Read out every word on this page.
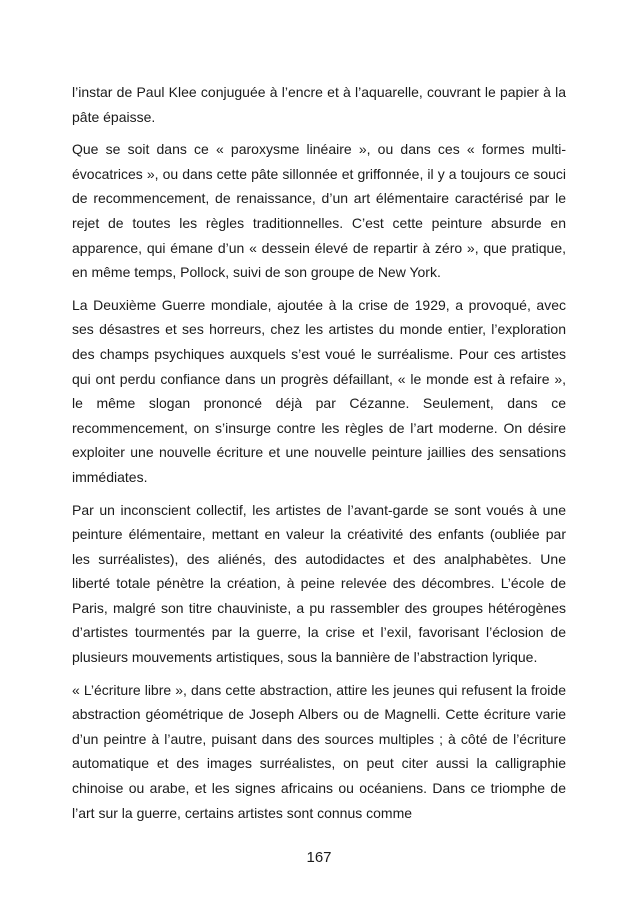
l’instar de Paul Klee conjuguée à l’encre et à l’aquarelle, couvrant le papier à la pâte épaisse.

Que se soit dans ce « paroxysme linéaire », ou dans ces « formes multi-évocatrices », ou dans cette pâte sillonnée et griffonnée, il y a toujours ce souci de recommencement, de renaissance, d’un art élémentaire caractérisé par le rejet de toutes les règles traditionnelles. C’est cette peinture absurde en apparence, qui émane d’un « dessein élevé de repartir à zéro », que pratique, en même temps, Pollock, suivi de son groupe de New York.

La Deuxième Guerre mondiale, ajoutée à la crise de 1929, a provoqué, avec ses désastres et ses horreurs, chez les artistes du monde entier, l’exploration des champs psychiques auxquels s’est voué le surréalisme. Pour ces artistes qui ont perdu confiance dans un progrès défaillant, « le monde est à refaire », le même slogan prononcé déjà par Cézanne. Seulement, dans ce recommencement, on s’insurge contre les règles de l’art moderne. On désire exploiter une nouvelle écriture et une nouvelle peinture jaillies des sensations immédiates.

Par un inconscient collectif, les artistes de l’avant-garde se sont voués à une peinture élémentaire, mettant en valeur la créativité des enfants (oubliée par les surréalistes), des aliénés, des autodidactes et des analphabètes. Une liberté totale pénètre la création, à peine relevée des décombres. L’école de Paris, malgré son titre chauviniste, a pu rassembler des groupes hétérogènes d’artistes tourmentés par la guerre, la crise et l’exil, favorisant l’éclosion de plusieurs mouvements artistiques, sous la bannière de l’abstraction lyrique.

« L’écriture libre », dans cette abstraction, attire les jeunes qui refusent la froide abstraction géométrique de Joseph Albers ou de Magnelli. Cette écriture varie d’un peintre à l’autre, puisant dans des sources multiples ; à côté de l’écriture automatique et des images surréalistes, on peut citer aussi la calligraphie chinoise ou arabe, et les signes africains ou océaniens. Dans ce triomphe de l’art sur la guerre, certains artistes sont connus comme

167
